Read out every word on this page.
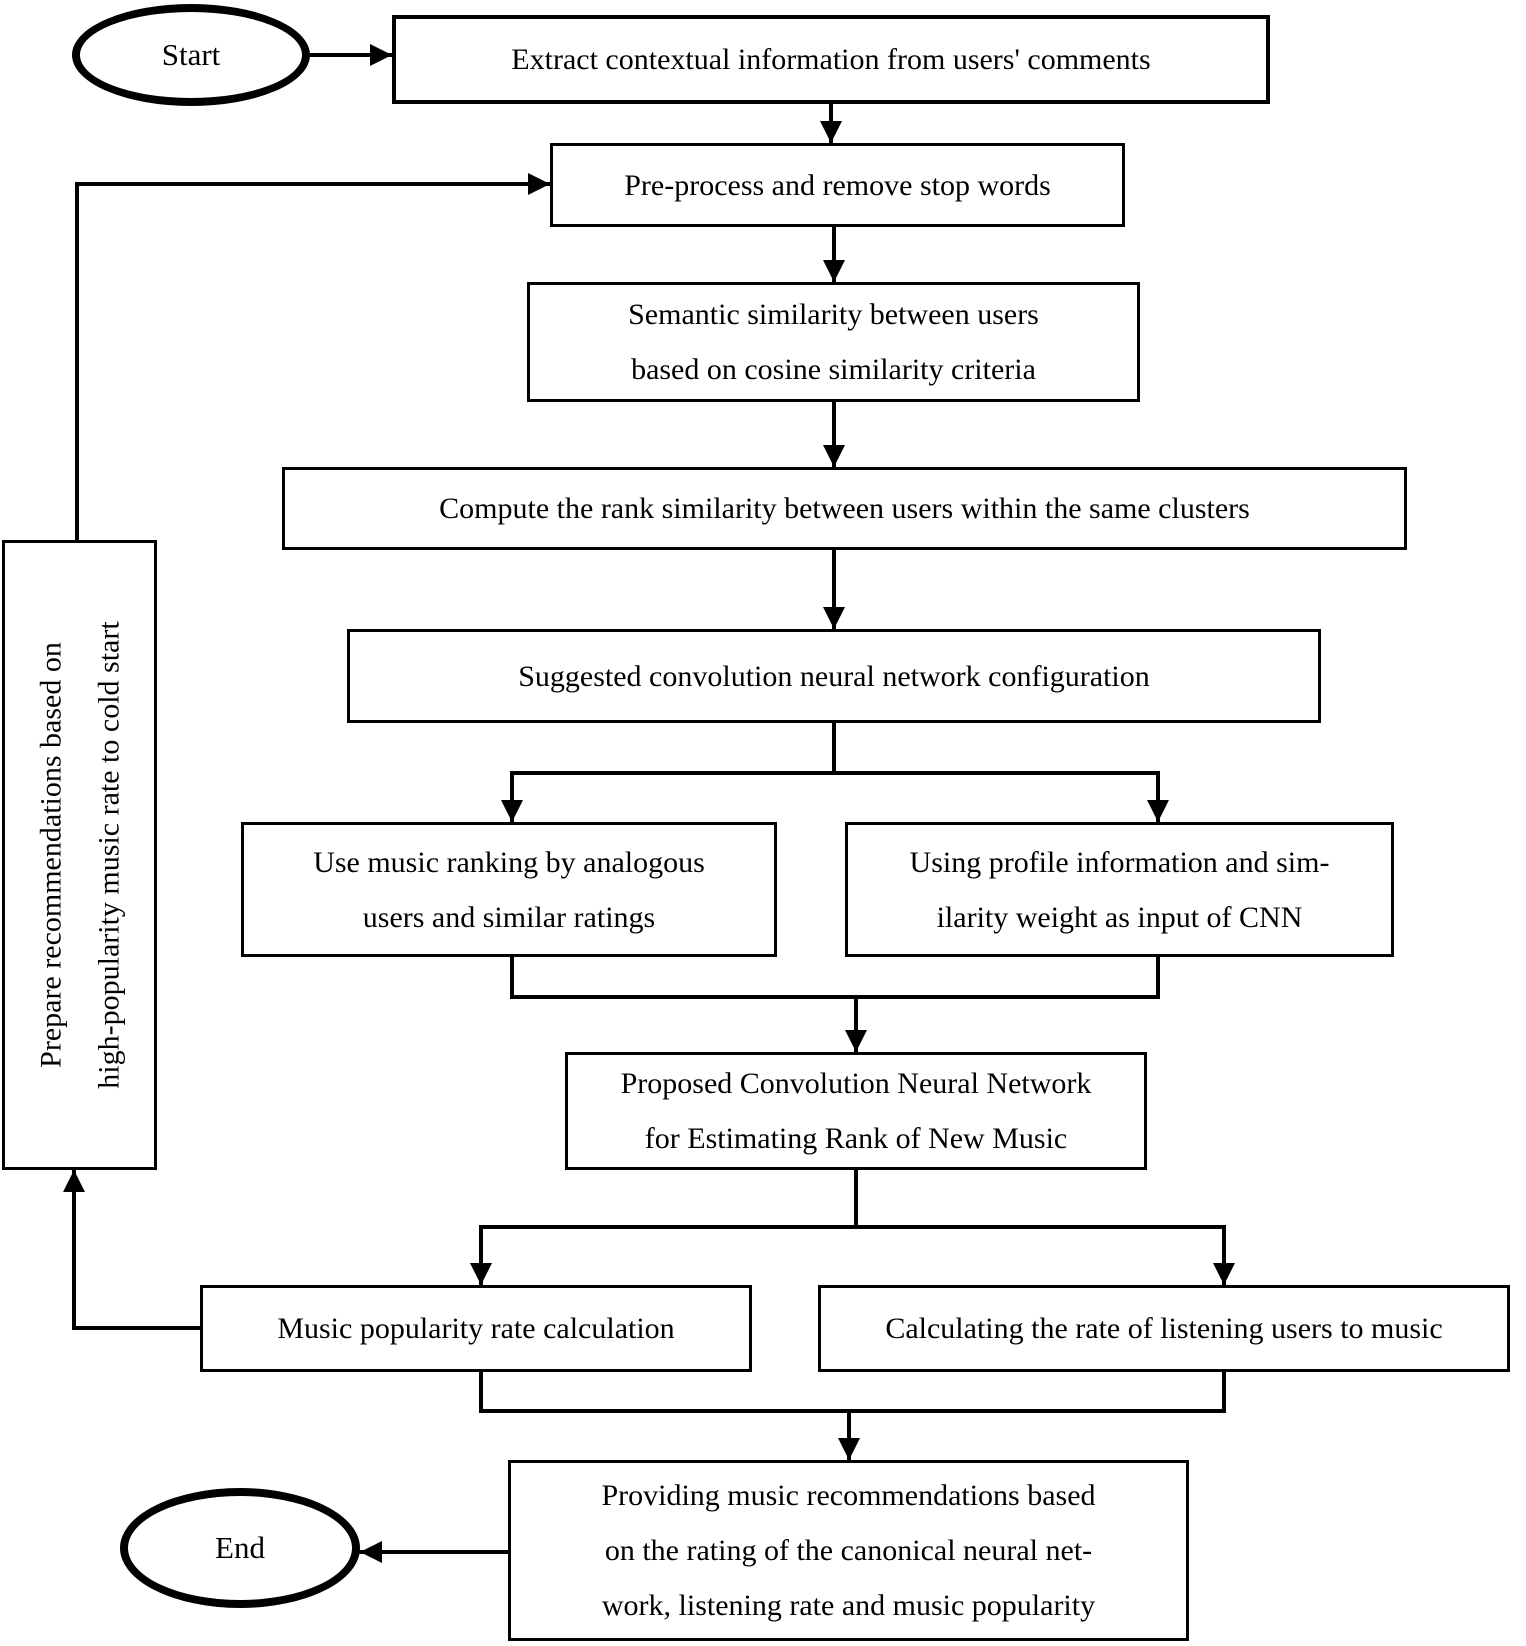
Start	Extract contextual information from users' comments
Pre-process and remove stop words
Semantic similarity between users
based on cosine similarity criteria
Compute the rank similarity between users within the same clusters
Suggested convolution neural network configuration
Use music ranking by analogous
users and similar ratings
Using profile information and sim-
ilarity weight as input of CNN
Proposed Convolution Neural Network
for Estimating Rank of New Music
Music popularity rate calculation	Calculating the rate of listening users to music
Providing music recommendations based
on the rating of the canonical neural net-
work, listening rate and music popularity
Prepare recommendations based on high-popularity music rate to cold start
End
